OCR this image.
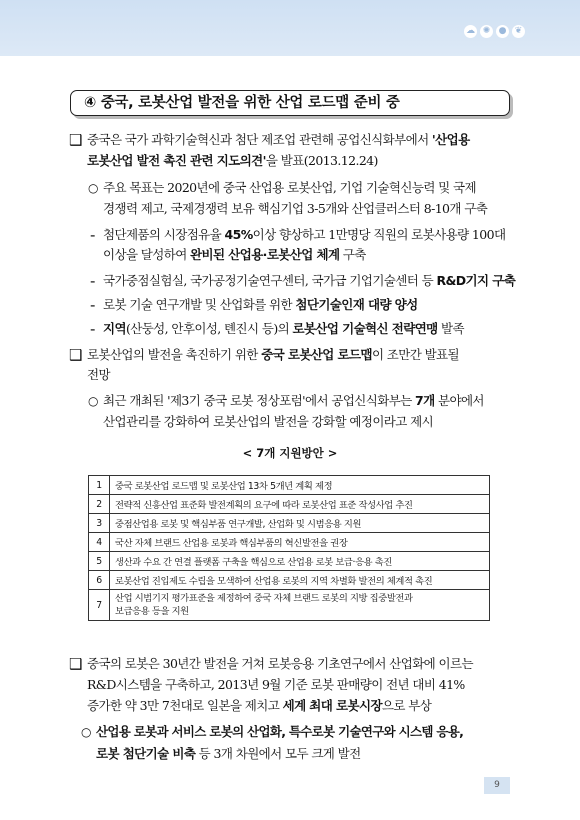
☁ ✺ ● ❦
④ 중국, 로봇산업 발전을 위한 산업 로드맵 준비 중
❑ 중국은 국가 과학기술혁신과 첨단 제조업 관련해 공업신식화부에서 '산업용
로봇산업 발전 촉진 관련 지도의견'을 발표(2013.12.24)
○ 주요 목표는 2020년에 중국 산업용 로봇산업, 기업 기술혁신능력 및 국제
경쟁력 제고, 국제경쟁력 보유 핵심기업 3-5개와 산업클러스터 8-10개 구축
- 첨단제품의 시장점유율 45%이상 향상하고 1만명당 직원의 로봇사용량 100대
이상을 달성하여 완비된 산업용·로봇산업 체계 구축
- 국가중점실험실, 국가공정기술연구센터, 국가급 기업기술센터 등 R&D기지 구축
- 로봇 기술 연구개발 및 산업화를 위한 첨단기술인재 대량 양성
- 지역(산둥성, 안후이성, 톈진시 등)의 로봇산업 기술혁신 전략연맹 발족
❑ 로봇산업의 발전을 촉진하기 위한 중국 로봇산업 로드맵이 조만간 발표될
전망
○ 최근 개최된 '제3기 중국 로봇 정상포럼'에서 공업신식화부는 7개 분야에서
산업관리를 강화하여 로봇산업의 발전을 강화할 예정이라고 제시
< 7개 지원방안 >
1	중국 로봇산업 로드맵 및 로봇산업 13차 5개년 계획 제정
2	전략적 신흥산업 표준화 발전계획의 요구에 따라 로봇산업 표준 작성사업 추진
3	중점산업용 로봇 및 핵심부품 연구개발, 산업화 및 시범응용 지원
4	국산 자체 브랜드 산업용 로봇과 핵심부품의 혁신발전을 권장
5	생산과 수요 간 연결 플랫폼 구축을 핵심으로 산업용 로봇 보급·응용 촉진
6	로봇산업 진입제도 수립을 모색하여 산업용 로봇의 지역 차별화 발전의 체계적 촉진
7	산업 시범기지 평가표준을 제정하여 중국 자체 브랜드 로봇의 지방 집중발전과
보급응용 등을 지원
❑ 중국의 로봇은 30년간 발전을 거쳐 로봇응용 기초연구에서 산업화에 이르는
R&D시스템을 구축하고, 2013년 9월 기준 로봇 판매량이 전년 대비 41%
증가한 약 3만 7천대로 일본을 제치고 세계 최대 로봇시장으로 부상
○ 산업용 로봇과 서비스 로봇의 산업화, 특수로봇 기술연구와 시스템 응용,
로봇 첨단기술 비축 등 3개 차원에서 모두 크게 발전
9
